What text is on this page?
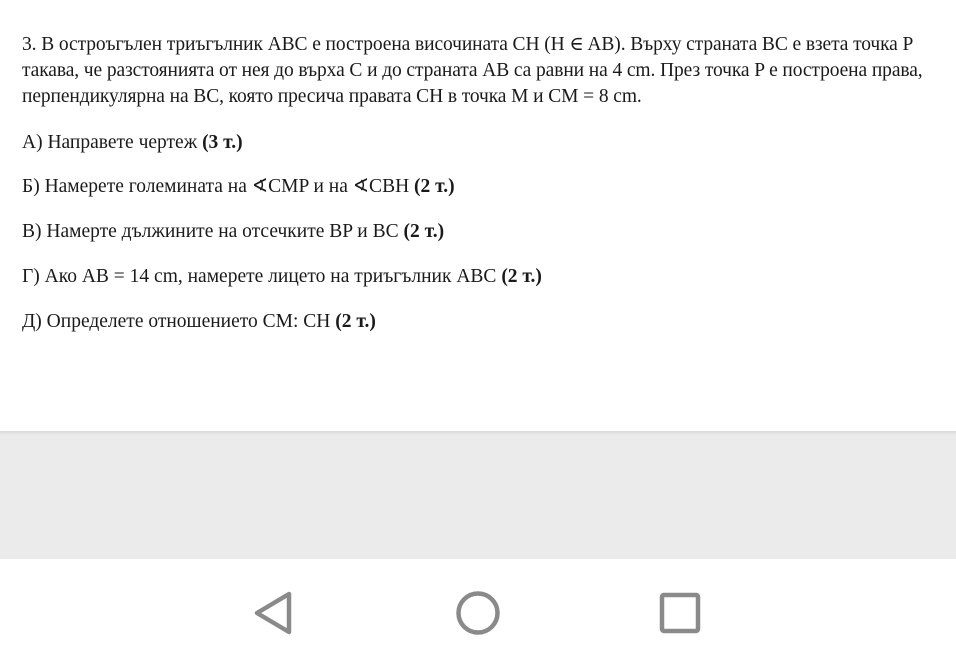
3. В остроъгълен триъгълник ABC е построена височината CH (H ∈ AB). Върху страната BC е взета точка P
такава, че разстоянията от нея до върха C и до страната AB са равни на 4 cm. През точка P е построена права,
перпендикулярна на BC, която пресича правата CH в точка M и CM = 8 cm.

А) Направете чертеж (3 т.)
Б) Намерете големината на ∢CMP и на ∢CBH (2 т.)
В) Намерте дължините на отсечките BP и BC (2 т.)
Г) Ако AB = 14 cm, намерете лицето на триъгълник ABC (2 т.)
Д) Определете отношението CM: CH (2 т.)
